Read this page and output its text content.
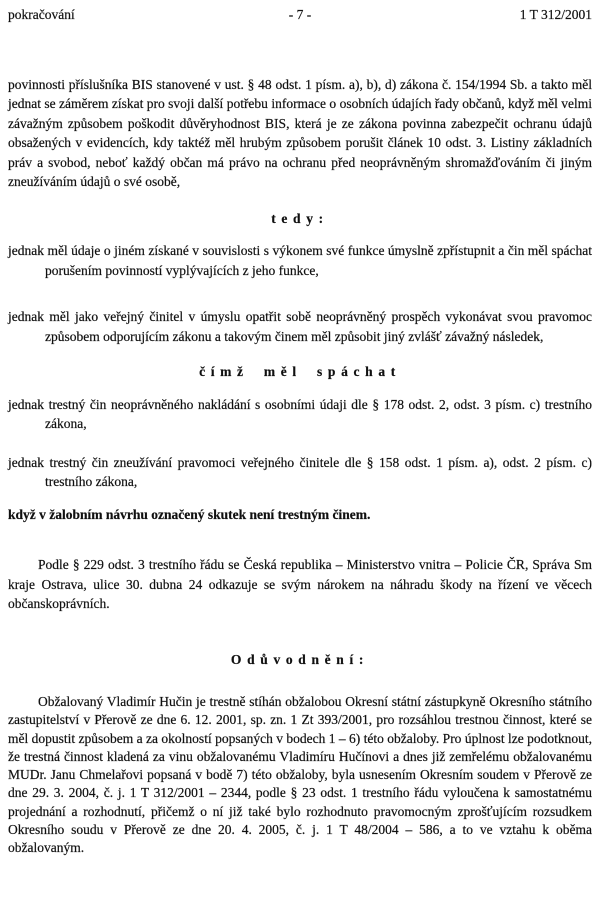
pokračování	- 7 -	1 T 312/2001

povinnosti příslušníka BIS stanovené v ust. § 48 odst. 1 písm. a), b), d) zákona č. 154/1994 Sb. a takto měl jednat se záměrem získat pro svoji další potřebu informace o osobních údajích řady občanů, když měl velmi závažným způsobem poškodit důvěryhodnost BIS, která je ze zákona povinna zabezpečit ochranu údajů obsažených v evidencích, kdy taktéž měl hrubým způsobem porušit článek 10 odst. 3. Listiny základních práv a svobod, neboť každý občan má právo na ochranu před neoprávněným shromažďováním či jiným zneužíváním údajů o své osobě,

tedy:

jednak měl údaje o jiném získané v souvislosti s výkonem své funkce úmyslně zpřístupnit a čin měl spáchat porušením povinností vyplývajících z jeho funkce,

jednak měl jako veřejný činitel v úmyslu opatřit sobě neoprávněný prospěch vykonávat svou pravomoc způsobem odporujícím zákonu a takovým činem měl způsobit jiný zvlášť závažný následek,

čímž měl spáchat

jednak trestný čin neoprávněného nakládání s osobními údaji dle § 178 odst. 2, odst. 3 písm. c) trestního zákona,

jednak trestný čin zneužívání pravomoci veřejného činitele dle § 158 odst. 1 písm. a), odst. 2 písm. c) trestního zákona,

když v žalobním návrhu označený skutek není trestným činem.

Podle § 229 odst. 3 trestního řádu se Česká republika – Ministerstvo vnitra – Policie ČR, Správa Sm kraje Ostrava, ulice 30. dubna 24 odkazuje se svým nárokem na náhradu škody na řízení ve věcech občanskoprávních.

Odůvodnění:

Obžalovaný Vladimír Hučin je trestně stíhán obžalobou Okresní státní zástupkyně Okresního státního zastupitelství v Přerově ze dne 6. 12. 2001, sp. zn. 1 Zt 393/2001, pro rozsáhlou trestnou činnost, které se měl dopustit způsobem a za okolností popsaných v bodech 1 – 6) této obžaloby. Pro úplnost lze podotknout, že trestná činnost kladená za vinu obžalovanému Vladimíru Hučínovi a dnes již zemřelému obžalovanému MUDr. Janu Chmelařovi popsaná v bodě 7) této obžaloby, byla usnesením Okresním soudem v Přerově ze dne 29. 3. 2004, č. j. 1 T 312/2001 – 2344, podle § 23 odst. 1 trestního řádu vyloučena k samostatnému projednání a rozhodnutí, přičemž o ní již také bylo rozhodnuto pravomocným zprošťujícím rozsudkem Okresního soudu v Přerově ze dne 20. 4. 2005, č. j. 1 T 48/2004 – 586, a to ve vztahu k oběma obžalovaným.
